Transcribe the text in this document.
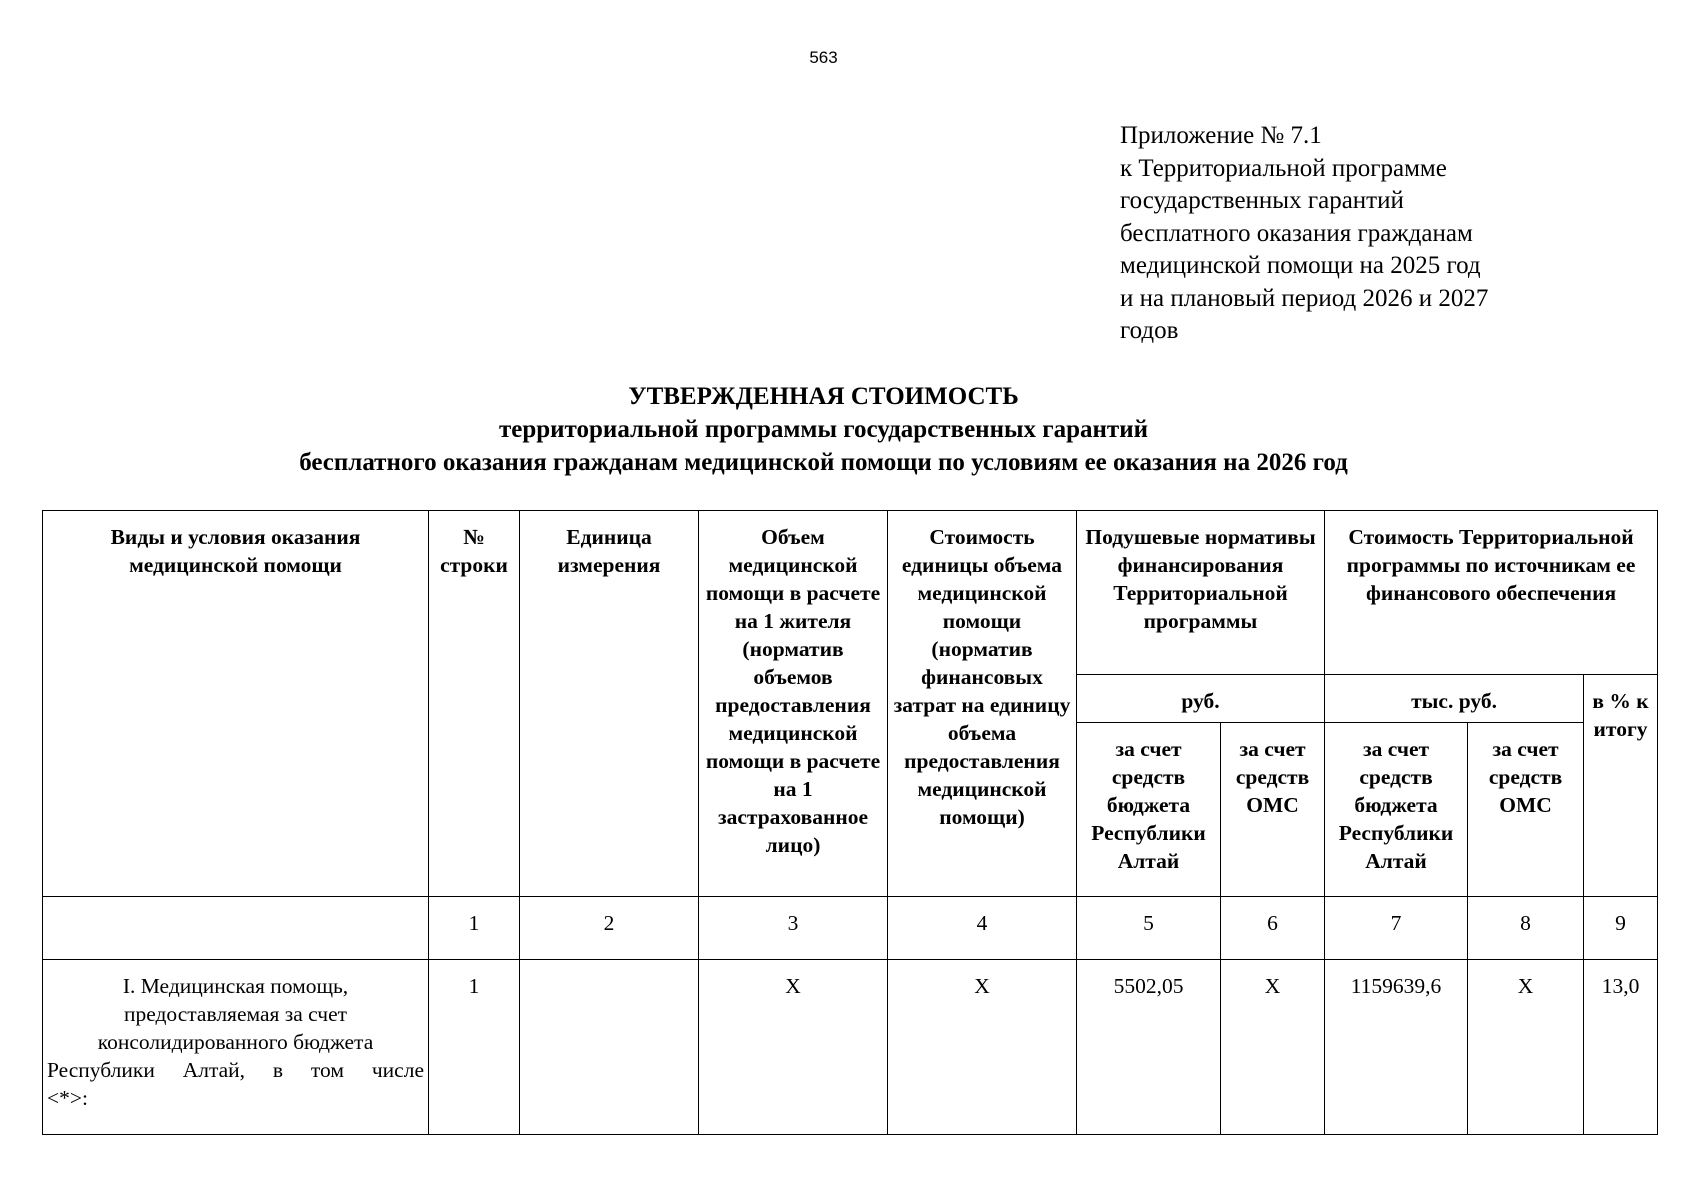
563
Приложение № 7.1
к Территориальной программе
государственных гарантий
бесплатного оказания гражданам
медицинской помощи на 2025 год
и на плановый период 2026 и 2027
годов
УТВЕРЖДЕННАЯ СТОИМОСТЬ
территориальной программы государственных гарантий
бесплатного оказания гражданам медицинской помощи по условиям ее оказания на 2026 год
Виды и условия оказания медицинской помощи	№ строки	Единица измерения	Объем медицинской помощи в расчете на 1 жителя (норматив объемов предоставления медицинской помощи в расчете на 1 застрахованное лицо)	Стоимость единицы объема медицинской помощи (норматив финансовых затрат на единицу объема предоставления медицинской помощи)	Подушевые нормативы финансирования Территориальной программы		Стоимость Территориальной программы по источникам ее финансового обеспечения		
					руб.		тыс. руб.		в % к итогу
					за счет средств бюджета Республики Алтай	за счет средств ОМС	за счет средств бюджета Республики Алтай	за счет средств ОМС	
	1	2	3	4	5	6	7	8	9
I. Медицинская помощь, предоставляемая за счет консолидированного бюджета Республики Алтай, в том числе
<*>:	1		Х	Х	5502,05	Х	1159639,6	Х	13,0
